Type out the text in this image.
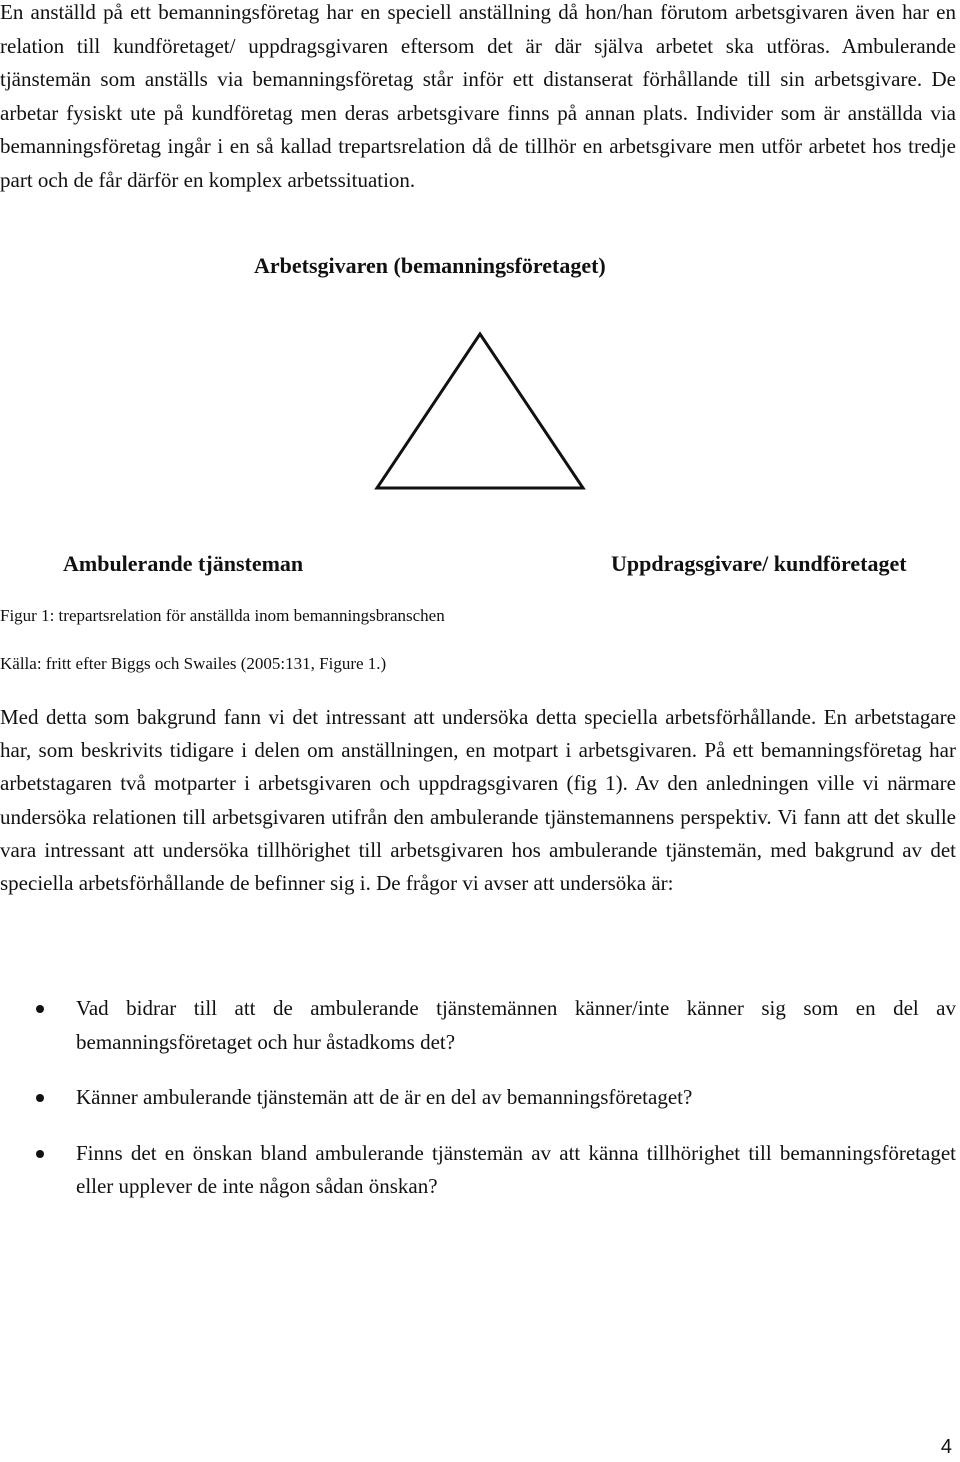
En anställd på ett bemanningsföretag har en speciell anställning då hon/han förutom arbetsgivaren även har en relation till kundföretaget/ uppdragsgivaren eftersom det är där själva arbetet ska utföras. Ambulerande tjänstemän som anställs via bemanningsföretag står inför ett distanserat förhållande till sin arbetsgivare. De arbetar fysiskt ute på kundföretag men deras arbetsgivare finns på annan plats. Individer som är anställda via bemanningsföretag ingår i en så kallad trepartsrelation då de tillhör en arbetsgivare men utför arbetet hos tredje part och de får därför en komplex arbetssituation.

Arbetsgivaren (bemanningsföretaget)

Ambulerande tjänsteman	Uppdragsgivare/ kundföretaget

Figur 1: trepartsrelation för anställda inom bemanningsbranschen

Källa: fritt efter Biggs och Swailes (2005:131, Figure 1.)

Med detta som bakgrund fann vi det intressant att undersöka detta speciella arbetsförhållande. En arbetstagare har, som beskrivits tidigare i delen om anställningen, en motpart i arbetsgivaren. På ett bemanningsföretag har arbetstagaren två motparter i arbetsgivaren och uppdragsgivaren (fig 1). Av den anledningen ville vi närmare undersöka relationen till arbetsgivaren utifrån den ambulerande tjänstemannens perspektiv. Vi fann att det skulle vara intressant att undersöka tillhörighet till arbetsgivaren hos ambulerande tjänstemän, med bakgrund av det speciella arbetsförhållande de befinner sig i. De frågor vi avser att undersöka är:

Vad bidrar till att de ambulerande tjänstemännen känner/inte känner sig som en del av bemanningsföretaget och hur åstadkoms det?
Känner ambulerande tjänstemän att de är en del av bemanningsföretaget?
Finns det en önskan bland ambulerande tjänstemän av att känna tillhörighet till bemanningsföretaget eller upplever de inte någon sådan önskan?
4
